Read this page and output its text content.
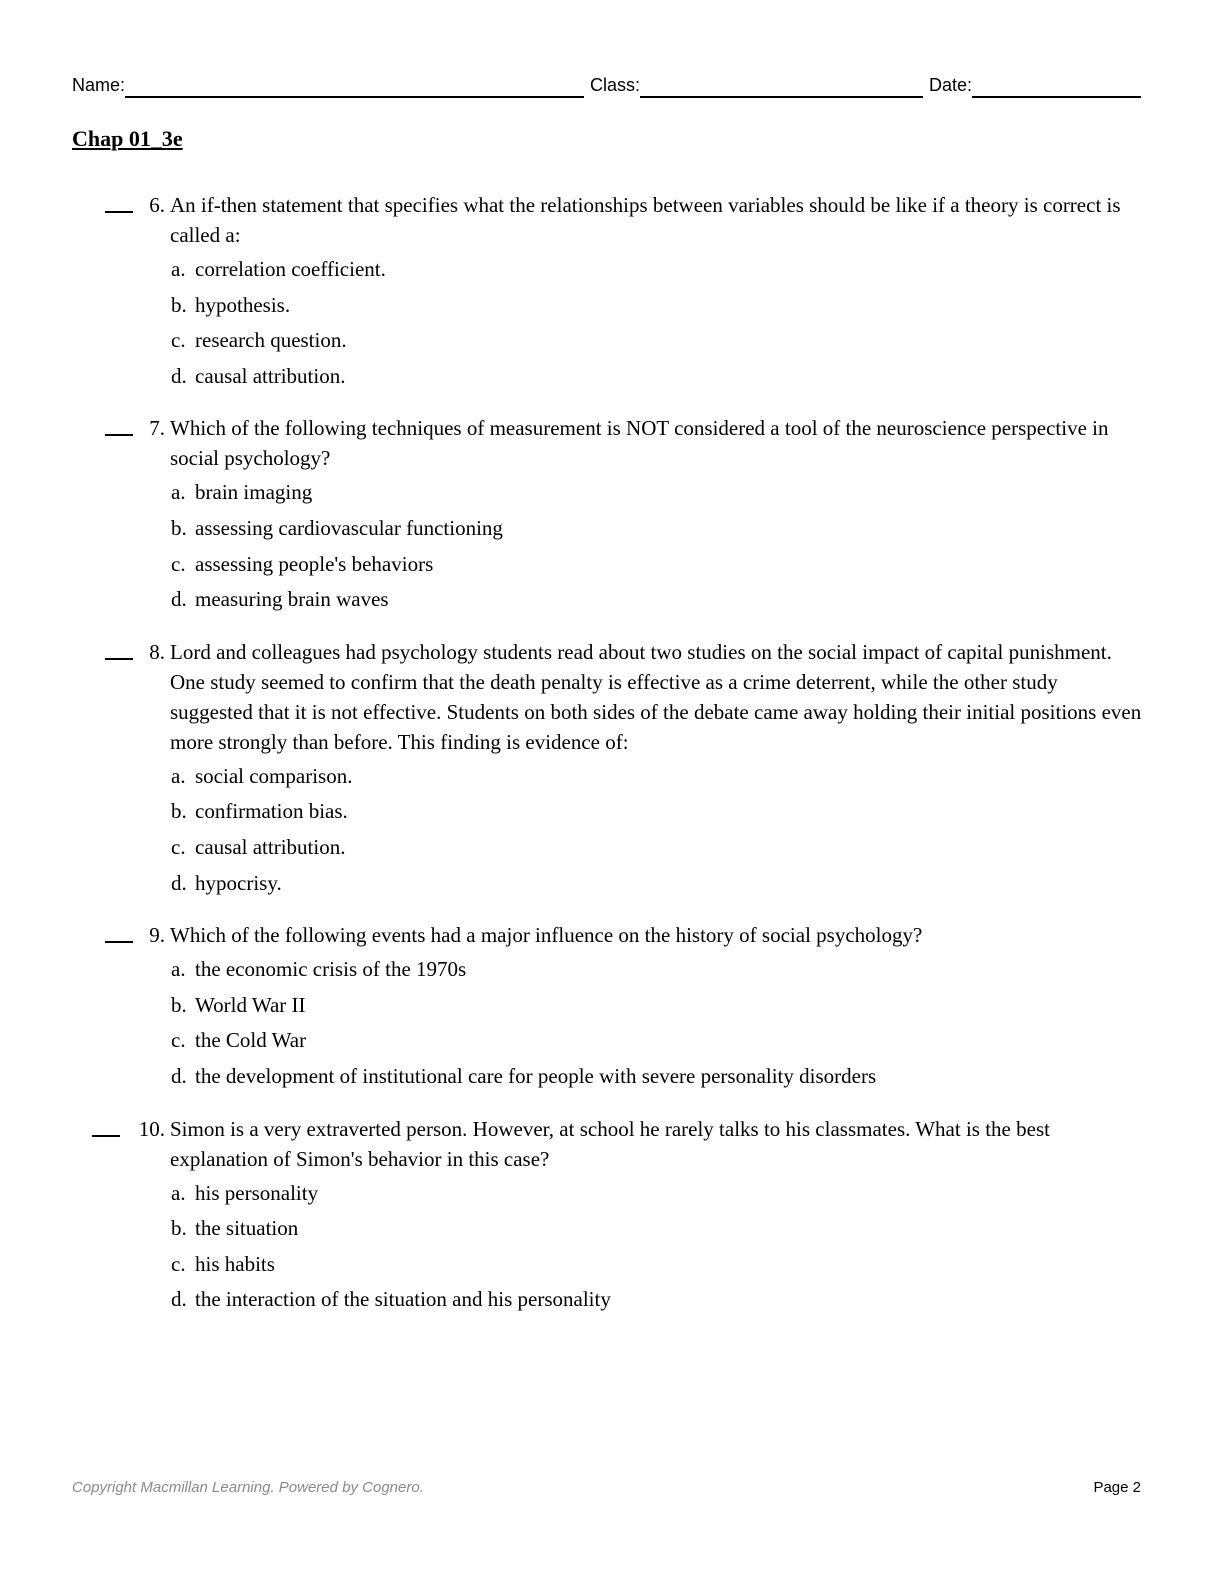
Name:	Class:	Date:
Chap 01_3e
6. An if-then statement that specifies what the relationships between variables should be like if a theory is correct is called a:
a. correlation coefficient.
b. hypothesis.
c. research question.
d. causal attribution.
7. Which of the following techniques of measurement is NOT considered a tool of the neuroscience perspective in social psychology?
a. brain imaging
b. assessing cardiovascular functioning
c. assessing people's behaviors
d. measuring brain waves
8. Lord and colleagues had psychology students read about two studies on the social impact of capital punishment. One study seemed to confirm that the death penalty is effective as a crime deterrent, while the other study suggested that it is not effective. Students on both sides of the debate came away holding their initial positions even more strongly than before. This finding is evidence of:
a. social comparison.
b. confirmation bias.
c. causal attribution.
d. hypocrisy.
9. Which of the following events had a major influence on the history of social psychology?
a. the economic crisis of the 1970s
b. World War II
c. the Cold War
d. the development of institutional care for people with severe personality disorders
10. Simon is a very extraverted person. However, at school he rarely talks to his classmates. What is the best explanation of Simon's behavior in this case?
a. his personality
b. the situation
c. his habits
d. the interaction of the situation and his personality
Copyright Macmillan Learning. Powered by Cognero.	Page 2
